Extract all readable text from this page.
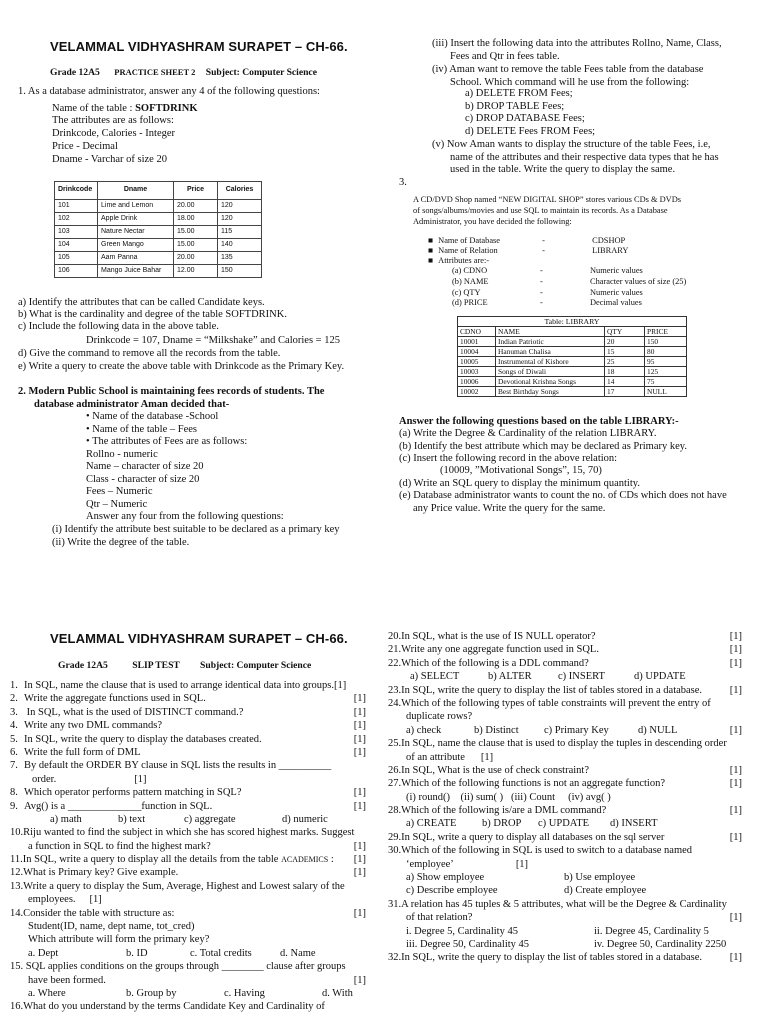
VELAMMAL VIDHYASHRAM SURAPET – CH-66.
Grade 12A5 PRACTICE SHEET 2 Subject: Computer Science
1. As a database administrator, answer any 4 of the following questions:
Name of the table : SOFTDRINK
The attributes are as follows:
Drinkcode, Calories - Integer
Price - Decimal
Dname - Varchar of size 20
Drinkcode	Dname	Price	Calories
101	Lime and Lemon	20.00	120
102	Apple Drink	18.00	120
103	Nature Nectar	15.00	115
104	Green Mango	15.00	140
105	Aam Panna	20.00	135
106	Mango Juice Bahar	12.00	150
a) Identify the attributes that can be called Candidate keys.
b) What is the cardinality and degree of the table SOFTDRINK.
c) Include the following data in the above table.
Drinkcode = 107, Dname = “Milkshake” and Calories = 125
d) Give the command to remove all the records from the table.
e) Write a query to create the above table with Drinkcode as the Primary Key.
2. Modern Public School is maintaining fees records of students. The
database administrator Aman decided that-
• Name of the database -School
• Name of the table – Fees
• The attributes of Fees are as follows:
Rollno - numeric
Name – character of size 20
Class - character of size 20
Fees – Numeric
Qtr – Numeric
Answer any four from the following questions:
(i) Identify the attribute best suitable to be declared as a primary key
(ii) Write the degree of the table.
(iii) Insert the following data into the attributes Rollno, Name, Class,
Fees and Qtr in fees table.
(iv) Aman want to remove the table Fees table from the database
School. Which command will he use from the following:
a) DELETE FROM Fees;
b) DROP TABLE Fees;
c) DROP DATABASE Fees;
d) DELETE Fees FROM Fees;
(v) Now Aman wants to display the structure of the table Fees, i.e,
name of the attributes and their respective data types that he has
used in the table. Write the query to display the same.
3.
A CD/DVD Shop named “NEW DIGITAL SHOP” stores various CDs & DVDs
of songs/albums/movies and use SQL to maintain its records. As a Database
Administrator, you have decided the following:
■ Name of Database	-	CDSHOP
■ Name of Relation	-	LIBRARY
■ Attributes are:-
(a) CDNO	-	Numeric values
(b) NAME	-	Character values of size (25)
(c) QTY	-	Numeric values
(d) PRICE	-	Decimal values
Table: LIBRARY
CDNO	NAME	QTY	PRICE
10001	Indian Patriotic	20	150
10004	Hanuman Chalisa	15	80
10005	Instrumental of Kishore	25	95
10003	Songs of Diwali	18	125
10006	Devotional Krishna Songs	14	75
10002	Best Birthday Songs	17	NULL
Answer the following questions based on the table LIBRARY:-
(a) Write the Degree & Cardinality of the relation LIBRARY.
(b) Identify the best attribute which may be declared as Primary key.
(c) Insert the following record in the above relation:
(10009, ”Motivational Songs”, 15, 70)
(d) Write an SQL query to display the minimum quantity.
(e) Database administrator wants to count the no. of CDs which does not have
any Price value. Write the query for the same.
VELAMMAL VIDHYASHRAM SURAPET – CH-66.
Grade 12A5	SLIP TEST Subject: Computer Science
1. In SQL, name the clause that is used to arrange identical data into groups.[1]
2. Write the aggregate functions used in SQL.	[1]
3. In SQL, what is the used of DISTINCT command.?	[1]
4. Write any two DML commands?	[1]
5. In SQL, write the query to display the databases created.	[1]
6. Write the full form of DML	[1]
7. By default the ORDER BY clause in SQL lists the results in __________
order.	[1]
8. Which operator performs pattern matching in SQL?	[1]
9. Avg() is a ______________function in SQL.	[1]
a) math	b) text	c) aggregate	d) numeric
10.Riju wanted to find the subject in which she has scored highest marks. Suggest
a function in SQL to find the highest mark?	[1]
11.In SQL, write a query to display all the details from the table ACADEMICS : [1]
12.What is Primary key? Give example.	[1]
13.Write a query to display the Sum, Average, Highest and Lowest salary of the
employees. [1]
14.Consider the table with structure as:	[1]
Student(ID, name, dept name, tot_cred)
Which attribute will form the primary key?
a. Dept	b. ID	c. Total credits	d. Name
15. SQL applies conditions on the groups through ________ clause after groups
have been formed.	[1]
a. Where	b. Group by	c. Having	d. With
16.What do you understand by the terms Candidate Key and Cardinality of
20.In SQL, what is the use of IS NULL operator?	[1]
21.Write any one aggregate function used in SQL.	[1]
22.Which of the following is a DDL command?	[1]
a) SELECT	b) ALTER	c) INSERT	d) UPDATE
23.In SQL, write the query to display the list of tables stored in a database.	[1]
24.Which of the following types of table constraints will prevent the entry of
duplicate rows?
a) check	b) Distinct c) Primary Key	d) NULL	[1]
25.In SQL, name the clause that is used to display the tuples in descending order
of an attribute [1]
26.In SQL, What is the use of check constraint?	[1]
27.Which of the following functions is not an aggregate function?	[1]
(i) round()    (ii) sum( )   (iii) Count     (iv) avg( )
28.Which of the following is/are a DML command?	[1]
a) CREATE b) DROP c) UPDATE d) INSERT
29.In SQL, write a query to display all databases on the sql server	[1]
30.Which of the following in SQL is used to switch to a database named
‘employee’	[1]
a) Show employee	b) Use employee
c) Describe employee	d) Create employee
31.A relation has 45 tuples & 5 attributes, what will be the Degree & Cardinality
of that relation?	[1]
i. Degree 5, Cardinality 45	ii. Degree 45, Cardinality 5
iii. Degree 50, Cardinality 45	iv. Degree 50, Cardinality 2250
32.In SQL, write the query to display the list of tables stored in a database.	[1]
